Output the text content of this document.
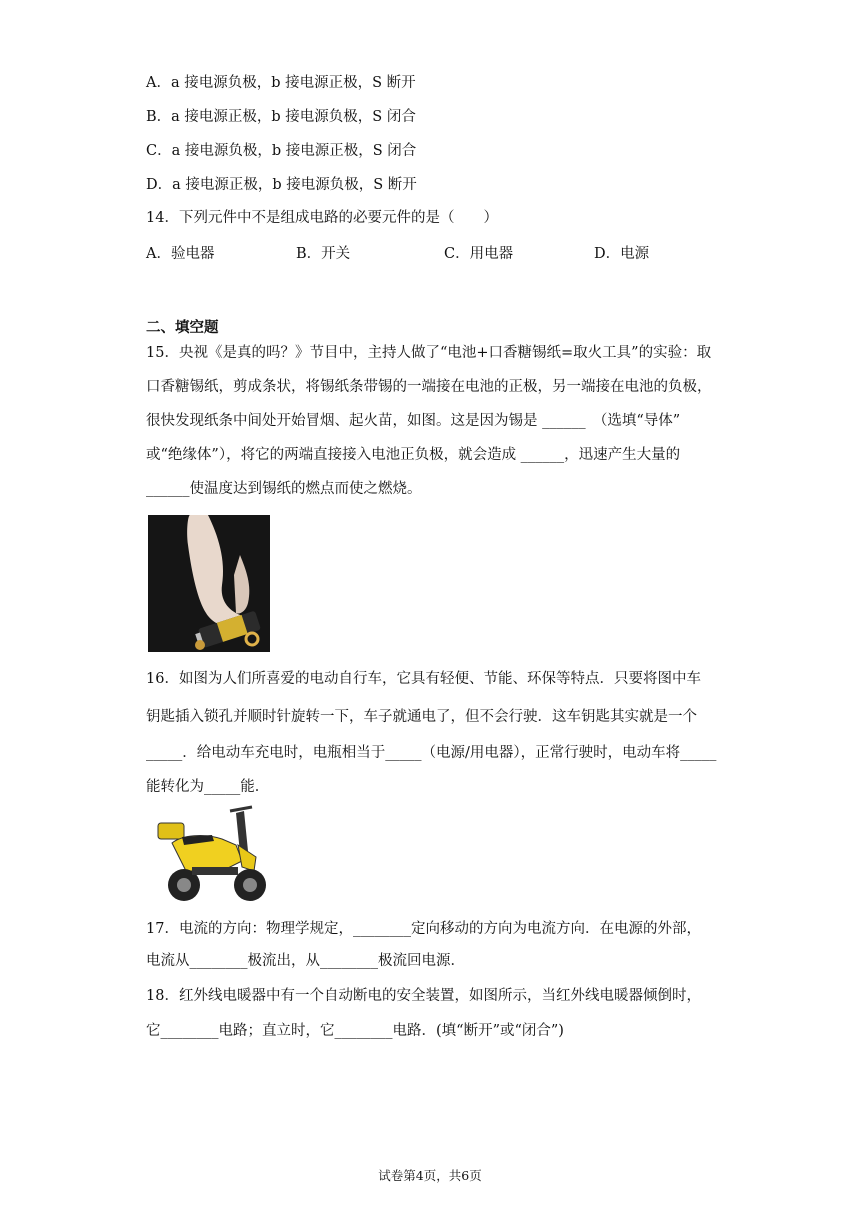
A．a 接电源负极，b 接电源正极，S 断开
B．a 接电源正极，b 接电源负极，S 闭合
C．a 接电源负极，b 接电源正极，S 闭合
D．a 接电源正极，b 接电源负极，S 断开
14．下列元件中不是组成电路的必要元件的是（　　）
A．验电器	B．开关	C．用电器	D．电源
二、填空题
15．央视《是真的吗？》节目中，主持人做了“电池+口香糖锡纸=取火工具”的实验：取
口香糖锡纸，剪成条状，将锡纸条带锡的一端接在电池的正极，另一端接在电池的负极，
很快发现纸条中间处开始冒烟、起火苗，如图。这是因为锡是 ______　（选填“导体”
或“绝缘体”），将它的两端直接接入电池正负极，就会造成 ______，迅速产生大量的
______使温度达到锡纸的燃点而使之燃烧。
16．如图为人们所喜爱的电动自行车，它具有轻便、节能、环保等特点．只要将图中车
钥匙插入锁孔并顺时针旋转一下，车子就通电了，但不会行驶．这车钥匙其实就是一个
_____．给电动车充电时，电瓶相当于_____（电源/用电器），正常行驶时，电动车将_____
能转化为_____能．
17．电流的方向：物理学规定，________定向移动的方向为电流方向．在电源的外部，
电流从________极流出，从________极流回电源．
18．红外线电暖器中有一个自动断电的安全装置，如图所示，当红外线电暖器倾倒时，
它________电路；直立时，它________电路．(填“断开”或“闭合”)
试卷第4页，共6页
